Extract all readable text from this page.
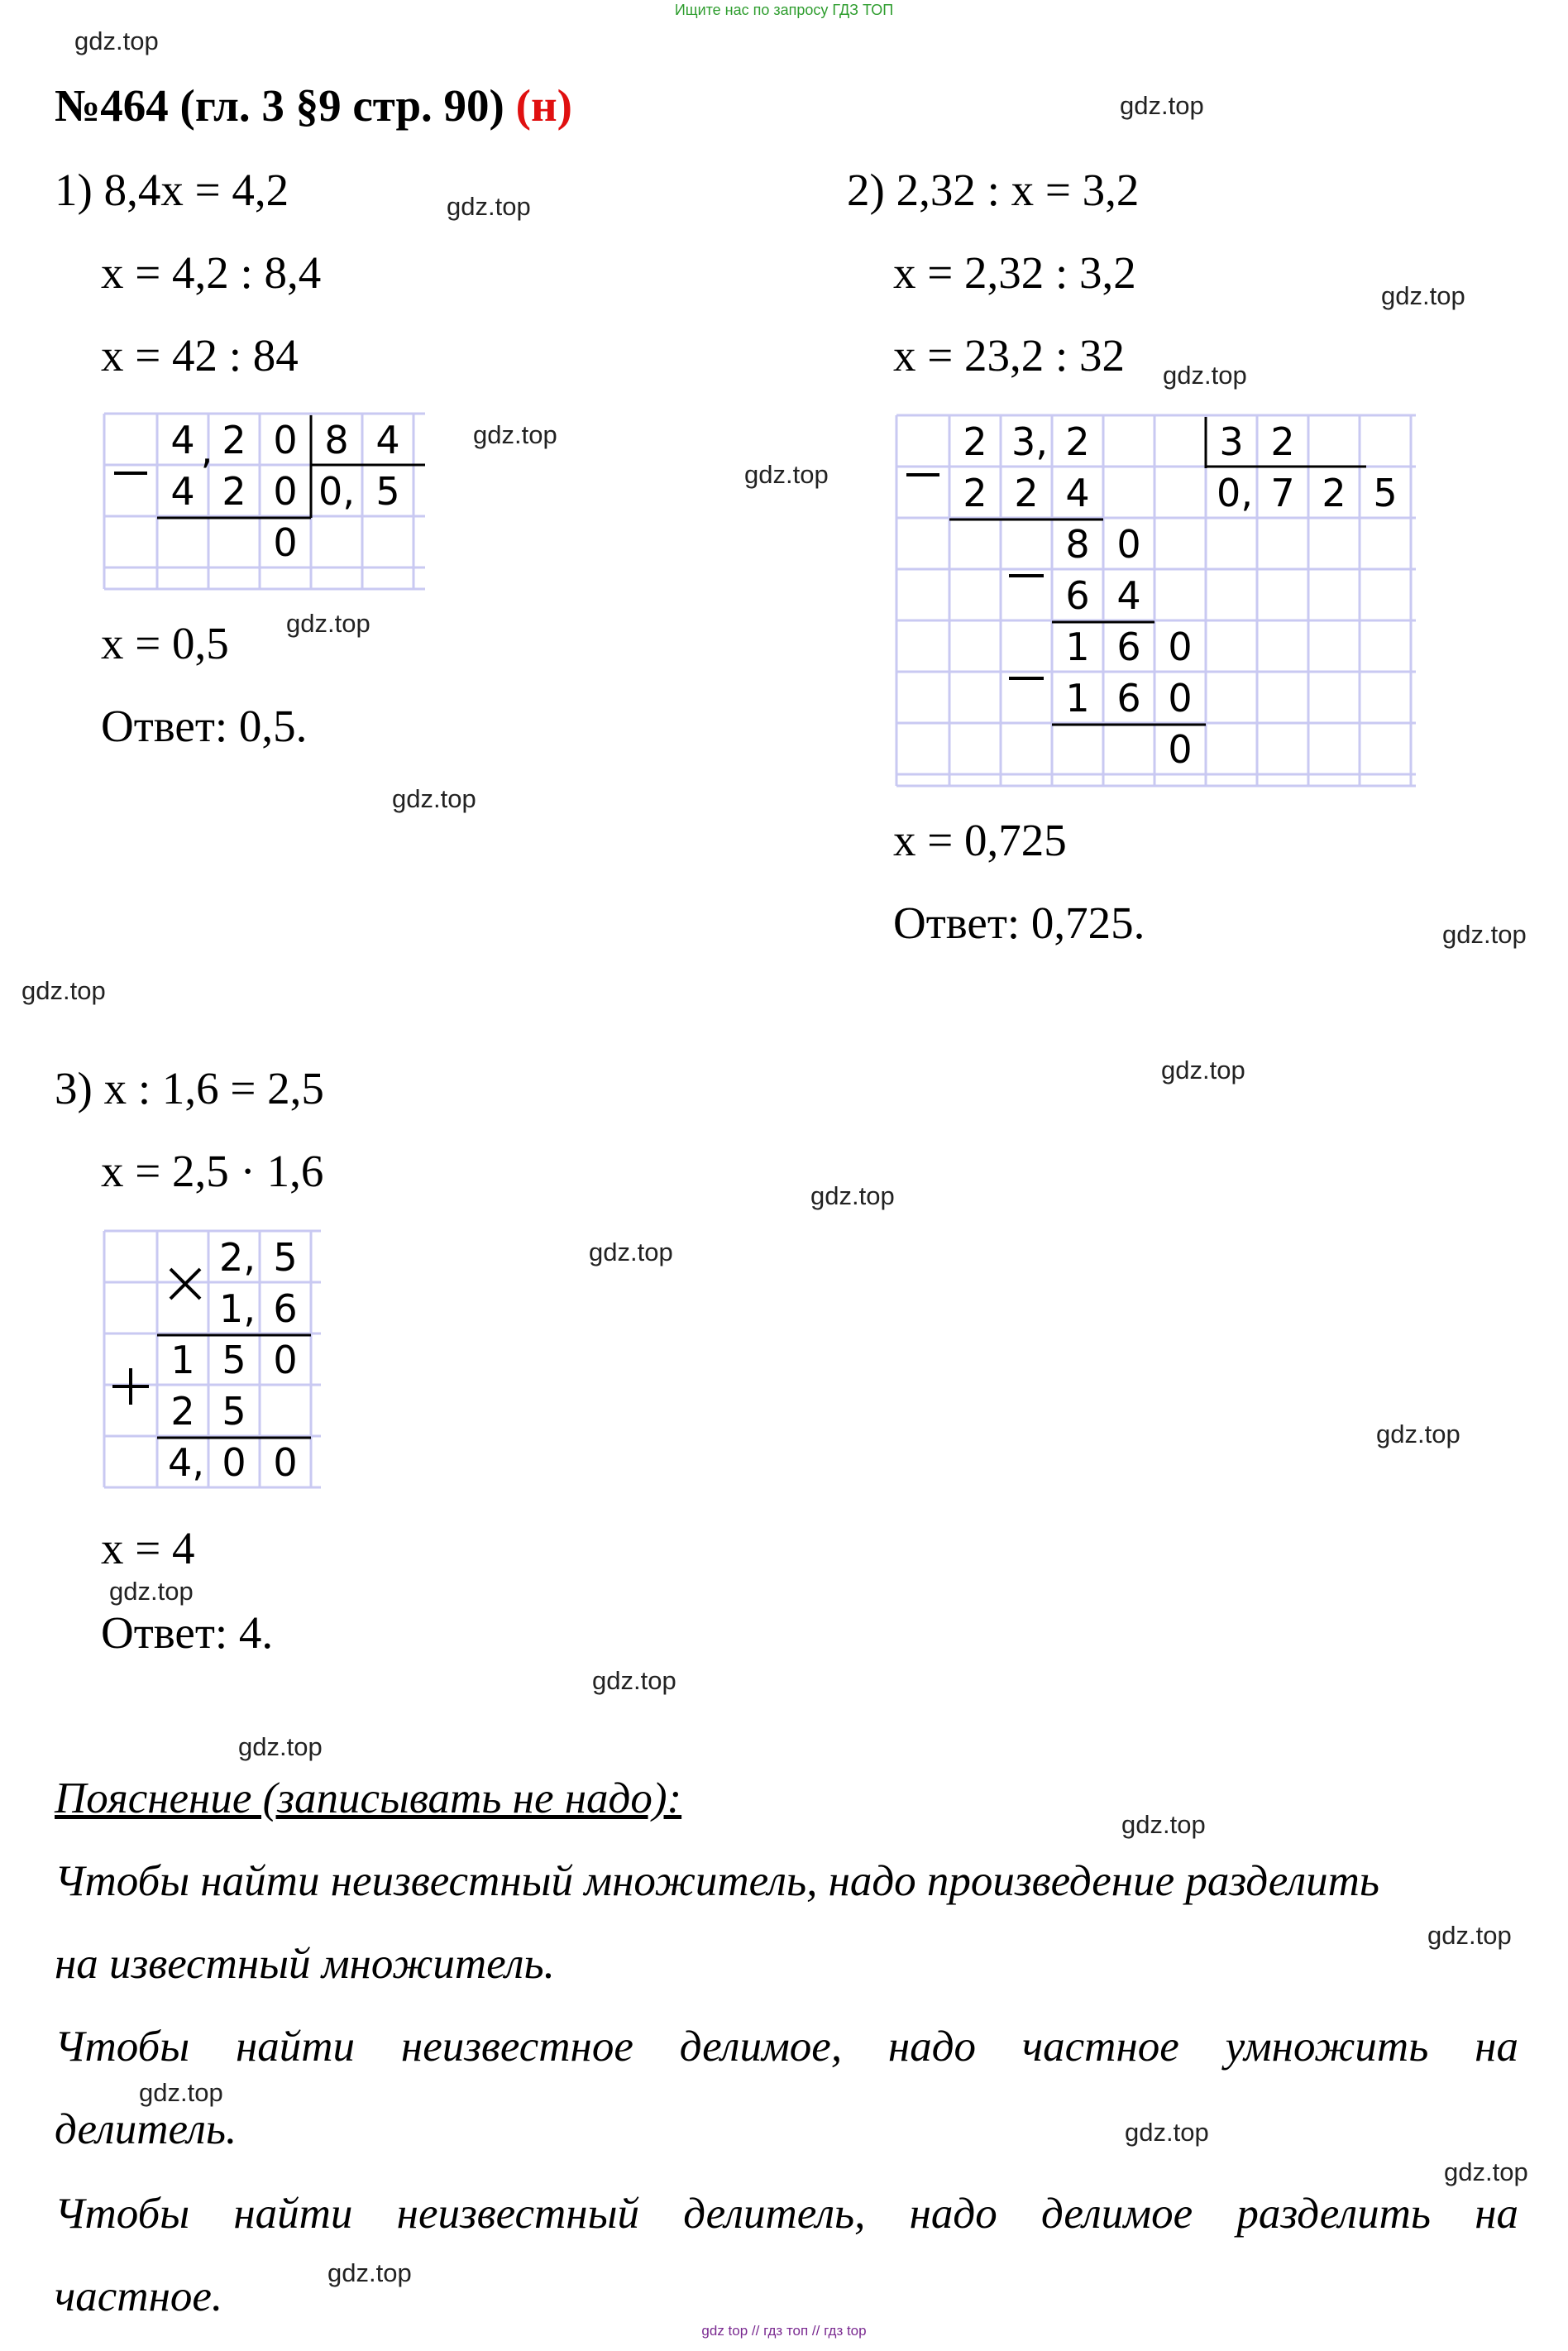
Ищите нас по запросу ГДЗ ТОП
№464 (гл. 3 §9 стр. 90) (н)
1) 8,4x = 4,2
x = 4,2 : 8,4
x = 42 : 84
4 , 2 0 8 4
4 2 0 0, 5
0
x = 0,5
Ответ: 0,5.
2) 2,32 : x = 3,2
x = 2,32 : 3,2
x = 23,2 : 32
2 3, 2	3 2
0, 7 2 5
2 2 4
8 0
6 4
1 6 0
1 6 0
0
x = 0,725
Ответ: 0,725.
3) x : 1,6 = 2,5
x = 2,5 · 1,6
2, 5
1, 6
1 5 0
2 5
4, 0 0
x = 4
Ответ: 4.
Пояснение (записывать не надо):
Чтобы найти неизвестный множитель, надо произведение разделить
на известный множитель.
Чтобы найти неизвестное делимое, надо частное умножить на
делитель.
Чтобы найти неизвестный делитель, надо делимое разделить на
частное.
gdz.top
gdz.top
gdz.top
gdz.top
gdz.top
gdz.top
gdz.top
gdz.top
gdz.top
gdz.top
gdz.top
gdz.top
gdz.top
gdz.top
gdz.top
gdz.top
gdz.top
gdz.top
gdz.top
gdz.top
gdz.top
gdz.top
gdz.top
gdz.top
gdz top // гдз топ // гдз top
